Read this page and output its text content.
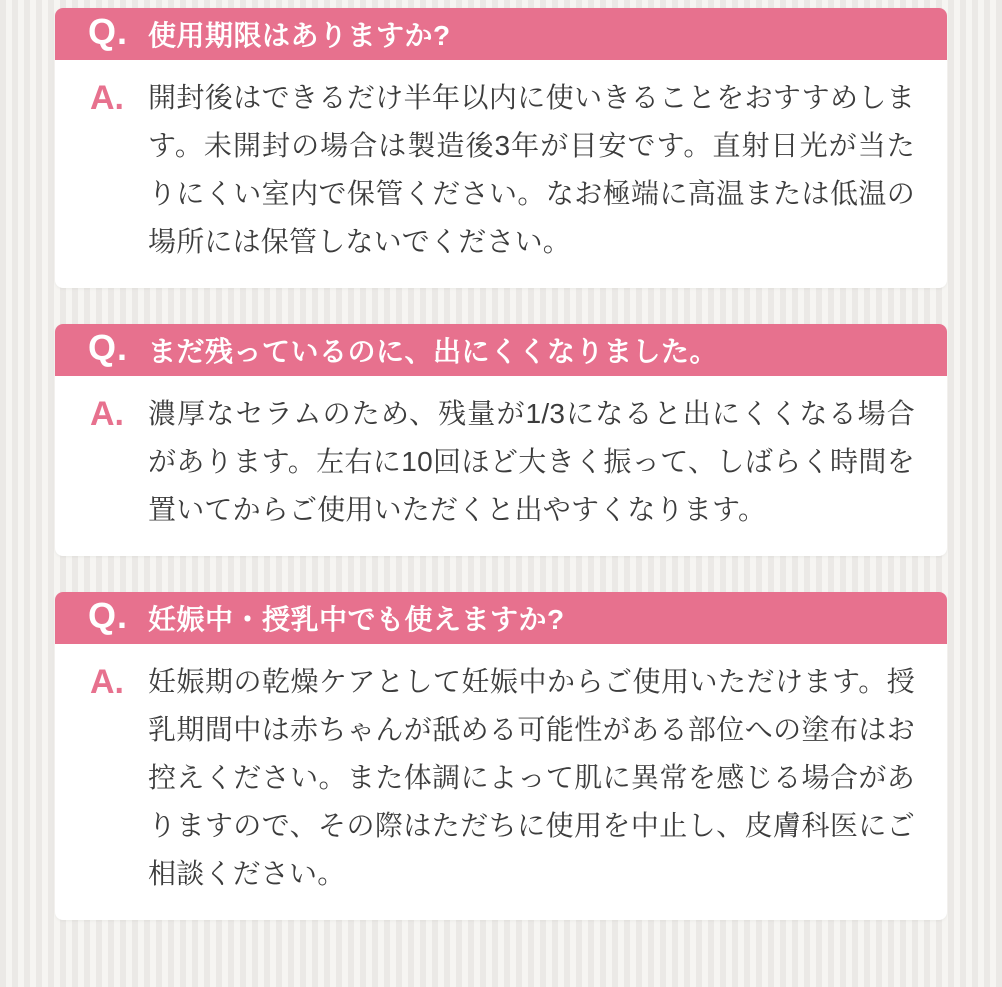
Q. 使用期限はありますか?
A. 開封後はできるだけ半年以内に使いきることをおすすめします。未開封の場合は製造後3年が目安です。直射日光が当たりにくい室内で保管ください。なお極端に高温または低温の場所には保管しないでください。

Q. まだ残っているのに、出にくくなりました。
A. 濃厚なセラムのため、残量が1/3になると出にくくなる場合があります。左右に10回ほど大きく振って、しばらく時間を置いてからご使用いただくと出やすくなります。

Q. 妊娠中・授乳中でも使えますか?
A. 妊娠期の乾燥ケアとして妊娠中からご使用いただけます。授乳期間中は赤ちゃんが舐める可能性がある部位への塗布はお控えください。また体調によって肌に異常を感じる場合がありますので、その際はただちに使用を中止し、皮膚科医にご相談ください。
